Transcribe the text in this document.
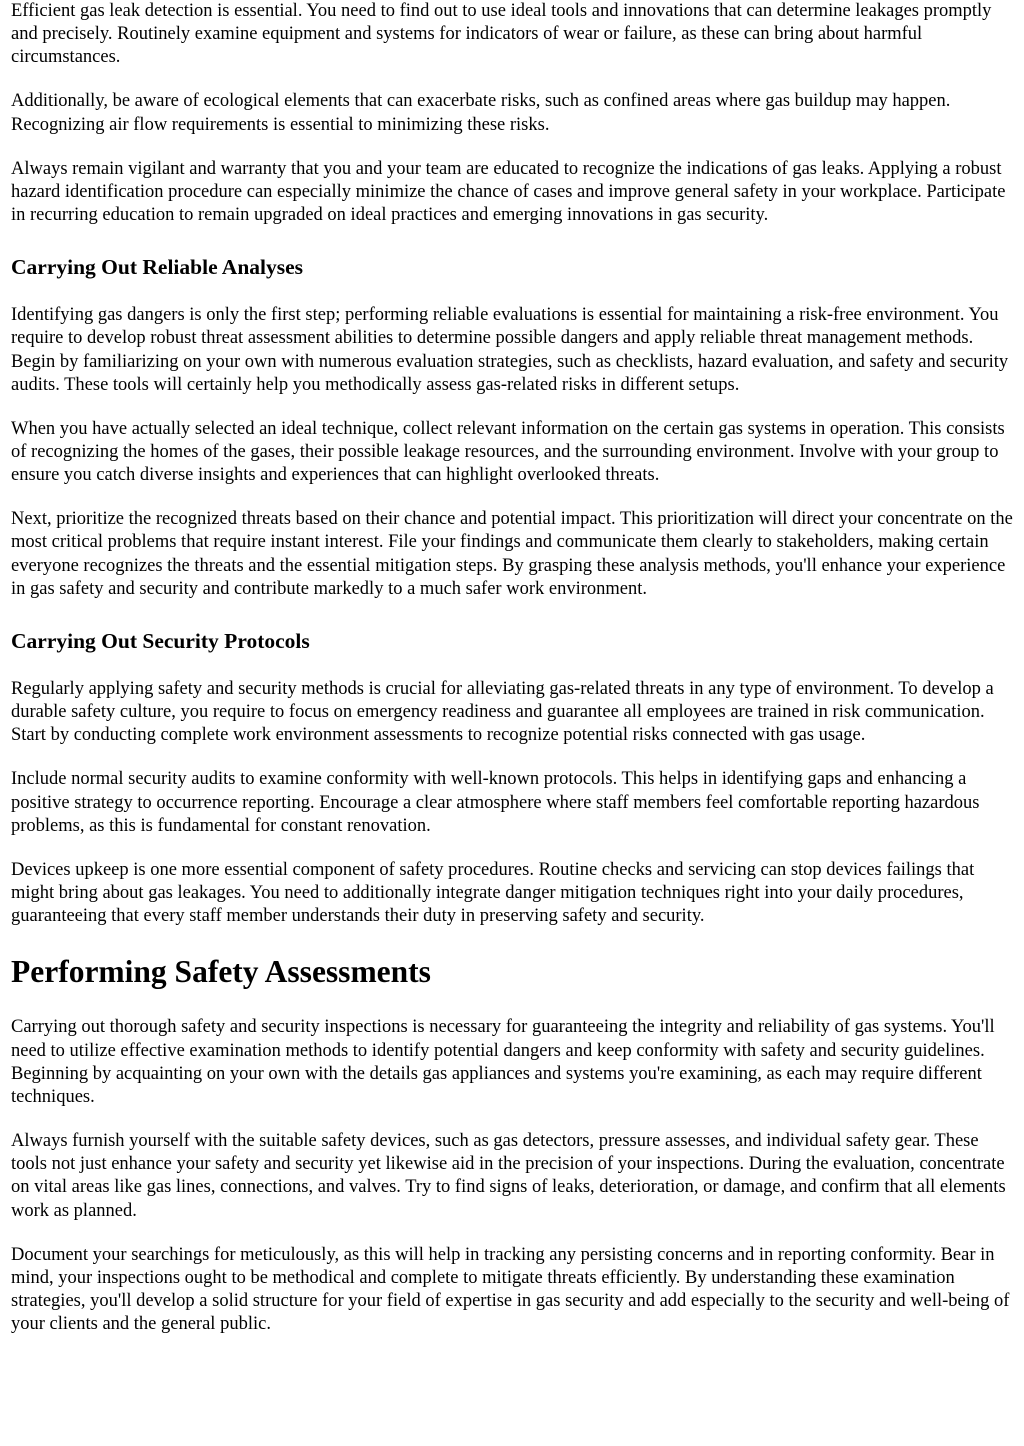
Efficient gas leak detection is essential. You need to find out to use ideal tools and innovations that can determine leakages promptly and precisely. Routinely examine equipment and systems for indicators of wear or failure, as these can bring about harmful circumstances.

Additionally, be aware of ecological elements that can exacerbate risks, such as confined areas where gas buildup may happen. Recognizing air flow requirements is essential to minimizing these risks.

Always remain vigilant and warranty that you and your team are educated to recognize the indications of gas leaks. Applying a robust hazard identification procedure can especially minimize the chance of cases and improve general safety in your workplace. Participate in recurring education to remain upgraded on ideal practices and emerging innovations in gas security.

Carrying Out Reliable Analyses

Identifying gas dangers is only the first step; performing reliable evaluations is essential for maintaining a risk-free environment. You require to develop robust threat assessment abilities to determine possible dangers and apply reliable threat management methods. Begin by familiarizing on your own with numerous evaluation strategies, such as checklists, hazard evaluation, and safety and security audits. These tools will certainly help you methodically assess gas-related risks in different setups.

When you have actually selected an ideal technique, collect relevant information on the certain gas systems in operation. This consists of recognizing the homes of the gases, their possible leakage resources, and the surrounding environment. Involve with your group to ensure you catch diverse insights and experiences that can highlight overlooked threats.

Next, prioritize the recognized threats based on their chance and potential impact. This prioritization will direct your concentrate on the most critical problems that require instant interest. File your findings and communicate them clearly to stakeholders, making certain everyone recognizes the threats and the essential mitigation steps. By grasping these analysis methods, you'll enhance your experience in gas safety and security and contribute markedly to a much safer work environment.

Carrying Out Security Protocols

Regularly applying safety and security methods is crucial for alleviating gas-related threats in any type of environment. To develop a durable safety culture, you require to focus on emergency readiness and guarantee all employees are trained in risk communication. Start by conducting complete work environment assessments to recognize potential risks connected with gas usage.

Include normal security audits to examine conformity with well-known protocols. This helps in identifying gaps and enhancing a positive strategy to occurrence reporting. Encourage a clear atmosphere where staff members feel comfortable reporting hazardous problems, as this is fundamental for constant renovation.

Devices upkeep is one more essential component of safety procedures. Routine checks and servicing can stop devices failings that might bring about gas leakages. You need to additionally integrate danger mitigation techniques right into your daily procedures, guaranteeing that every staff member understands their duty in preserving safety and security.

Performing Safety Assessments

Carrying out thorough safety and security inspections is necessary for guaranteeing the integrity and reliability of gas systems. You'll need to utilize effective examination methods to identify potential dangers and keep conformity with safety and security guidelines. Beginning by acquainting on your own with the details gas appliances and systems you're examining, as each may require different techniques.

Always furnish yourself with the suitable safety devices, such as gas detectors, pressure assesses, and individual safety gear. These tools not just enhance your safety and security yet likewise aid in the precision of your inspections. During the evaluation, concentrate on vital areas like gas lines, connections, and valves. Try to find signs of leaks, deterioration, or damage, and confirm that all elements work as planned.

Document your searchings for meticulously, as this will help in tracking any persisting concerns and in reporting conformity. Bear in mind, your inspections ought to be methodical and complete to mitigate threats efficiently. By understanding these examination strategies, you'll develop a solid structure for your field of expertise in gas security and add especially to the security and well-being of your clients and the general public.
